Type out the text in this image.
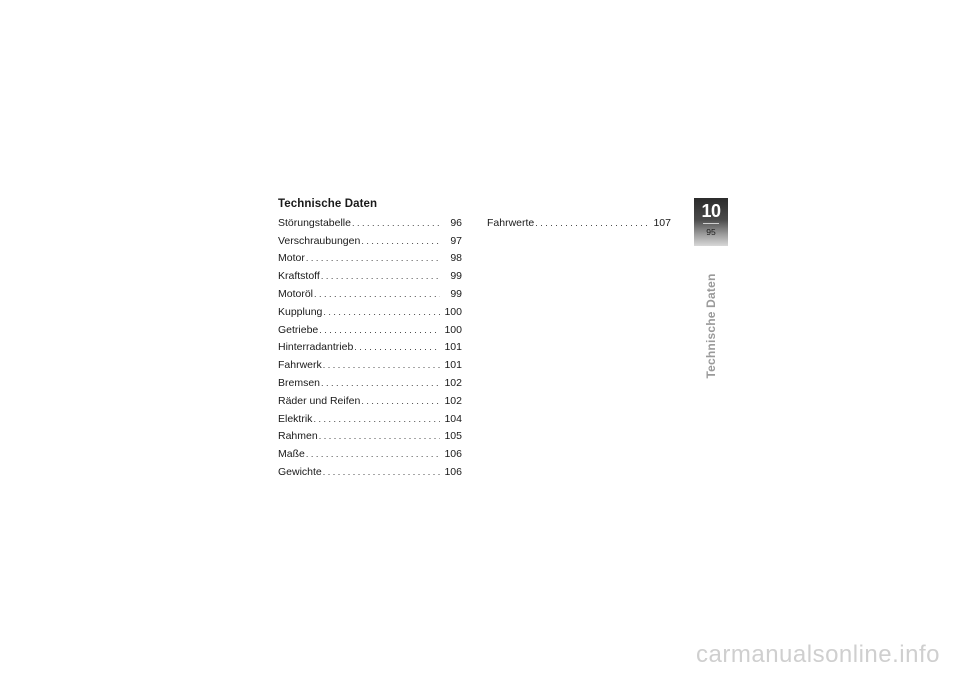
Technische Daten
Störungstabelle . . .	96
Verschraubungen . . .	97
Motor . . .	98
Kraftstoff . . .	99
Motoröl . . .	99
Kupplung . . .	100
Getriebe . . .	100
Hinterradantrieb . . .	101
Fahrwerk . . .	101
Bremsen . . .	102
Räder und Reifen . . .	102
Elektrik . . .	104
Rahmen . . .	105
Maße . . .	106
Gewichte . . .	106
Fahrwerte . . .	107
10
95
Technische Daten
carmanualsonline.info
